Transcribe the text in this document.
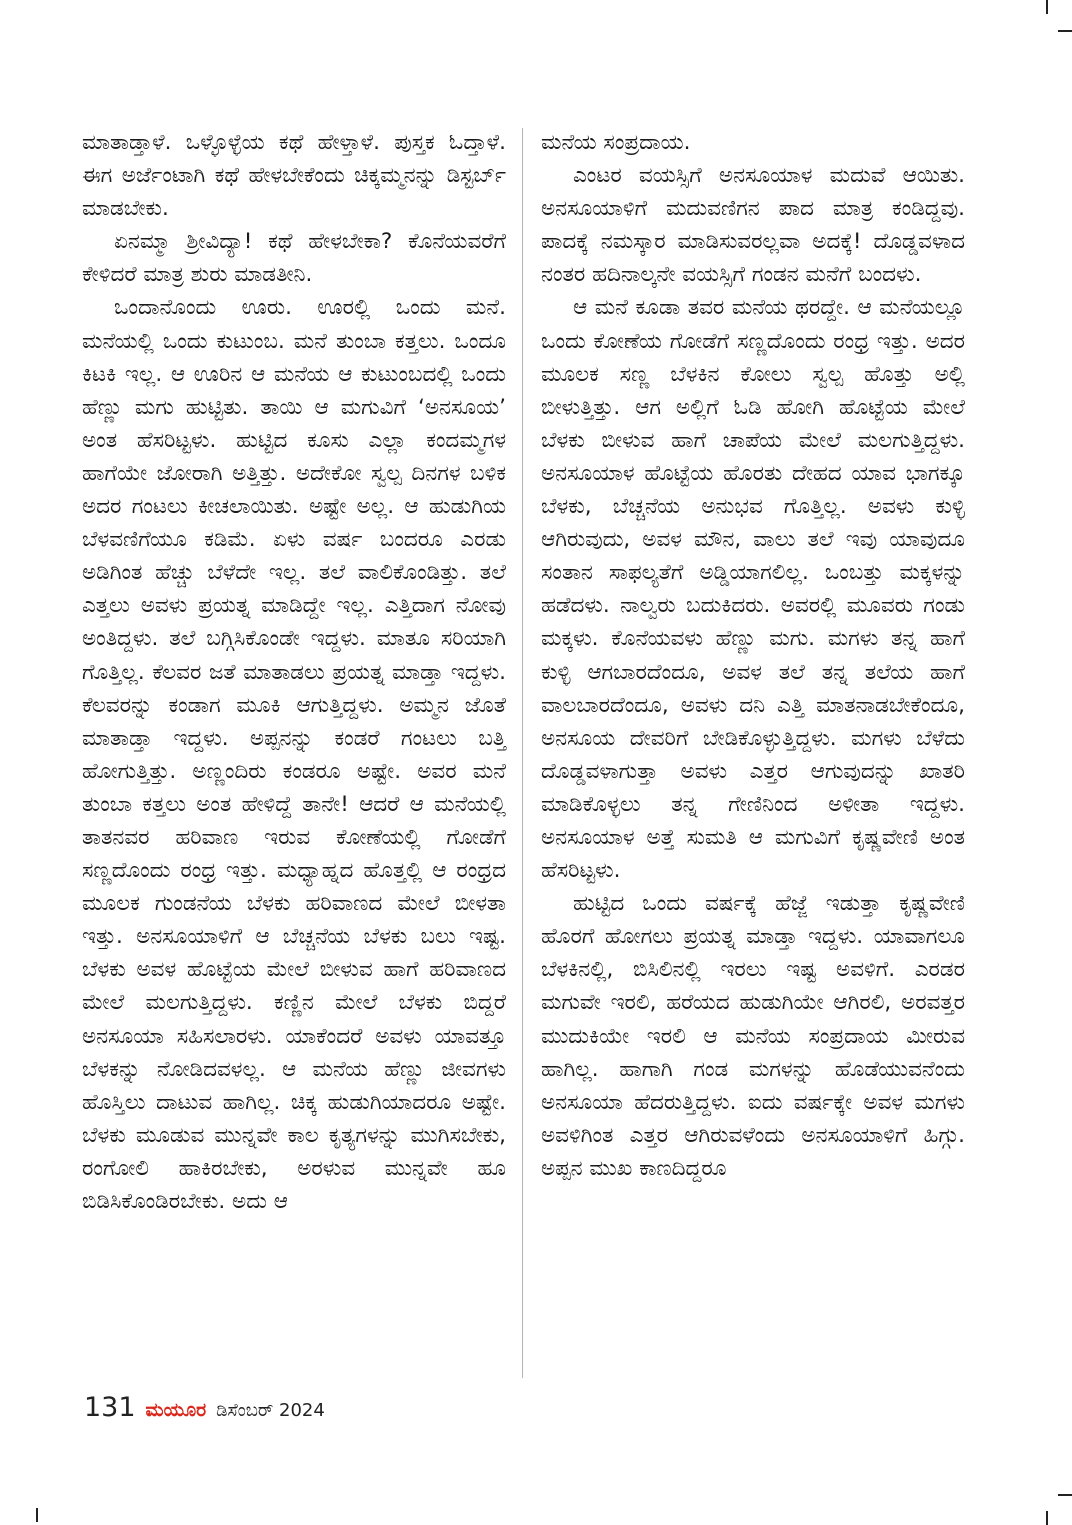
ಮಾತಾಡ್ತಾಳೆ. ಒಳ್ಳೊಳ್ಳೆಯ ಕಥೆ ಹೇಳ್ತಾಳೆ. ಪುಸ್ತಕ ಓದ್ತಾಳೆ. ಈಗ ಅರ್ಜೆಂಟಾಗಿ ಕಥೆ ಹೇಳಬೇಕೆಂದು ಚಿಕ್ಕಮ್ಮನನ್ನು ಡಿಸ್ಟರ್ಬ್ ಮಾಡಬೇಕು.

ಏನಮ್ಮಾ ಶ್ರೀವಿದ್ಯಾ! ಕಥೆ ಹೇಳಬೇಕಾ? ಕೊನೆಯವರೆಗೆ ಕೇಳಿದರೆ ಮಾತ್ರ ಶುರು ಮಾಡತೀನಿ.

ಒಂದಾನೊಂದು ಊರು. ಊರಲ್ಲಿ ಒಂದು ಮನೆ. ಮನೆಯಲ್ಲಿ ಒಂದು ಕುಟುಂಬ. ಮನೆ ತುಂಬಾ ಕತ್ತಲು. ಒಂದೂ ಕಿಟಕಿ ಇಲ್ಲ. ಆ ಊರಿನ ಆ ಮನೆಯ ಆ ಕುಟುಂಬದಲ್ಲಿ ಒಂದು ಹೆಣ್ಣು ಮಗು ಹುಟ್ಟಿತು. ತಾಯಿ ಆ ಮಗುವಿಗೆ ‘ಅನಸೂಯ’ ಅಂತ ಹೆಸರಿಟ್ಟಳು. ಹುಟ್ಟಿದ ಕೂಸು ಎಲ್ಲಾ ಕಂದಮ್ಮಗಳ ಹಾಗೆಯೇ ಜೋರಾಗಿ ಅತ್ತಿತ್ತು. ಅದೇಕೋ ಸ್ವಲ್ಪ ದಿನಗಳ ಬಳಿಕ ಅದರ ಗಂಟಲು ಕೀಚಲಾಯಿತು. ಅಷ್ಟೇ ಅಲ್ಲ. ಆ ಹುಡುಗಿಯ ಬೆಳವಣಿಗೆಯೂ ಕಡಿಮೆ. ಏಳು ವರ್ಷ ಬಂದರೂ ಎರಡು ಅಡಿಗಿಂತ ಹೆಚ್ಚು ಬೆಳೆದೇ ಇಲ್ಲ. ತಲೆ ವಾಲಿಕೊಂಡಿತ್ತು. ತಲೆ ಎತ್ತಲು ಅವಳು ಪ್ರಯತ್ನ ಮಾಡಿದ್ದೇ ಇಲ್ಲ. ಎತ್ತಿದಾಗ ನೋವು ಅಂತಿದ್ದಳು. ತಲೆ ಬಗ್ಗಿಸಿಕೊಂಡೇ ಇದ್ದಳು. ಮಾತೂ ಸರಿಯಾಗಿ ಗೊತ್ತಿಲ್ಲ. ಕೆಲವರ ಜತೆ ಮಾತಾಡಲು ಪ್ರಯತ್ನ ಮಾಡ್ತಾ ಇದ್ದಳು. ಕೆಲವರನ್ನು ಕಂಡಾಗ ಮೂಕಿ ಆಗುತ್ತಿದ್ದಳು. ಅಮ್ಮನ ಜೊತೆ ಮಾತಾಡ್ತಾ ಇದ್ದಳು. ಅಪ್ಪನನ್ನು ಕಂಡರೆ ಗಂಟಲು ಬತ್ತಿ ಹೋಗುತ್ತಿತ್ತು. ಅಣ್ಣಂದಿರು ಕಂಡರೂ ಅಷ್ಟೇ. ಅವರ ಮನೆ ತುಂಬಾ ಕತ್ತಲು ಅಂತ ಹೇಳಿದ್ದೆ ತಾನೇ! ಆದರೆ ಆ ಮನೆಯಲ್ಲಿ ತಾತನವರ ಹರಿವಾಣ ಇರುವ ಕೋಣೆಯಲ್ಲಿ ಗೋಡೆಗೆ ಸಣ್ಣದೊಂದು ರಂಧ್ರ ಇತ್ತು. ಮಧ್ಯಾಹ್ನದ ಹೊತ್ತಲ್ಲಿ ಆ ರಂಧ್ರದ ಮೂಲಕ ಗುಂಡನೆಯ ಬೆಳಕು ಹರಿವಾಣದ ಮೇಲೆ ಬೀಳತಾ ಇತ್ತು. ಅನಸೂಯಾಳಿಗೆ ಆ ಬೆಚ್ಚನೆಯ ಬೆಳಕು ಬಲು ಇಷ್ಟ. ಬೆಳಕು ಅವಳ ಹೊಟ್ಟೆಯ ಮೇಲೆ ಬೀಳುವ ಹಾಗೆ ಹರಿವಾಣದ ಮೇಲೆ ಮಲಗುತ್ತಿದ್ದಳು. ಕಣ್ಣಿನ ಮೇಲೆ ಬೆಳಕು ಬಿದ್ದರೆ ಅನಸೂಯಾ ಸಹಿಸಲಾರಳು. ಯಾಕೆಂದರೆ ಅವಳು ಯಾವತ್ತೂ ಬೆಳಕನ್ನು ನೋಡಿದವಳಲ್ಲ. ಆ ಮನೆಯ ಹೆಣ್ಣು ಜೀವಗಳು ಹೊಸ್ತಿಲು ದಾಟುವ ಹಾಗಿಲ್ಲ. ಚಿಕ್ಕ ಹುಡುಗಿಯಾದರೂ ಅಷ್ಟೇ. ಬೆಳಕು ಮೂಡುವ ಮುನ್ನವೇ ಕಾಲ ಕೃತ್ಯಗಳನ್ನು ಮುಗಿಸಬೇಕು, ರಂಗೋಲಿ ಹಾಕಿರಬೇಕು, ಅರಳುವ ಮುನ್ನವೇ ಹೂ ಬಿಡಿಸಿಕೊಂಡಿರಬೇಕು. ಅದು ಆ

ಮನೆಯ ಸಂಪ್ರದಾಯ.

ಎಂಟರ ವಯಸ್ಸಿಗೆ ಅನಸೂಯಾಳ ಮದುವೆ ಆಯಿತು. ಅನಸೂಯಾಳಿಗೆ ಮದುವಣಿಗನ ಪಾದ ಮಾತ್ರ ಕಂಡಿದ್ದವು. ಪಾದಕ್ಕೆ ನಮಸ್ಕಾರ ಮಾಡಿಸುವರಲ್ಲವಾ ಅದಕ್ಕೆ! ದೊಡ್ಡವಳಾದ ನಂತರ ಹದಿನಾಲ್ಕನೇ ವಯಸ್ಸಿಗೆ ಗಂಡನ ಮನೆಗೆ ಬಂದಳು.

ಆ ಮನೆ ಕೂಡಾ ತವರ ಮನೆಯ ಥರದ್ದೇ. ಆ ಮನೆಯಲ್ಲೂ ಒಂದು ಕೋಣೆಯ ಗೋಡೆಗೆ ಸಣ್ಣದೊಂದು ರಂಧ್ರ ಇತ್ತು. ಅದರ ಮೂಲಕ ಸಣ್ಣ ಬೆಳಕಿನ ಕೋಲು ಸ್ವಲ್ಪ ಹೊತ್ತು ಅಲ್ಲಿ ಬೀಳುತ್ತಿತ್ತು. ಆಗ ಅಲ್ಲಿಗೆ ಓಡಿ ಹೋಗಿ ಹೊಟ್ಟೆಯ ಮೇಲೆ ಬೆಳಕು ಬೀಳುವ ಹಾಗೆ ಚಾಪೆಯ ಮೇಲೆ ಮಲಗುತ್ತಿದ್ದಳು. ಅನಸೂಯಾಳ ಹೊಟ್ಟೆಯ ಹೊರತು ದೇಹದ ಯಾವ ಭಾಗಕ್ಕೂ ಬೆಳಕು, ಬೆಚ್ಚನೆಯ ಅನುಭವ ಗೊತ್ತಿಲ್ಲ. ಅವಳು ಕುಳ್ಳಿ ಆಗಿರುವುದು, ಅವಳ ಮೌನ, ವಾಲು ತಲೆ ಇವು ಯಾವುದೂ ಸಂತಾನ ಸಾಫಲ್ಯತೆಗೆ ಅಡ್ಡಿಯಾಗಲಿಲ್ಲ. ಒಂಬತ್ತು ಮಕ್ಕಳನ್ನು ಹಡೆದಳು. ನಾಲ್ವರು ಬದುಕಿದರು. ಅವರಲ್ಲಿ ಮೂವರು ಗಂಡು ಮಕ್ಕಳು. ಕೊನೆಯವಳು ಹೆಣ್ಣು ಮಗು. ಮಗಳು ತನ್ನ ಹಾಗೆ ಕುಳ್ಳಿ ಆಗಬಾರದೆಂದೂ, ಅವಳ ತಲೆ ತನ್ನ ತಲೆಯ ಹಾಗೆ ವಾಲಬಾರದೆಂದೂ, ಅವಳು ದನಿ ಎತ್ತಿ ಮಾತನಾಡಬೇಕೆಂದೂ, ಅನಸೂಯ ದೇವರಿಗೆ ಬೇಡಿಕೊಳ್ಳುತ್ತಿದ್ದಳು. ಮಗಳು ಬೆಳೆದು ದೊಡ್ಡವಳಾಗುತ್ತಾ ಅವಳು ಎತ್ತರ ಆಗುವುದನ್ನು ಖಾತರಿ ಮಾಡಿಕೊಳ್ಳಲು ತನ್ನ ಗೇಣಿನಿಂದ ಅಳೀತಾ ಇದ್ದಳು. ಅನಸೂಯಾಳ ಅತ್ತೆ ಸುಮತಿ ಆ ಮಗುವಿಗೆ ಕೃಷ್ಣವೇಣಿ ಅಂತ ಹೆಸರಿಟ್ಟಳು.

ಹುಟ್ಟಿದ ಒಂದು ವರ್ಷಕ್ಕೆ ಹೆಜ್ಜೆ ಇಡುತ್ತಾ ಕೃಷ್ಣವೇಣಿ ಹೊರಗೆ ಹೋಗಲು ಪ್ರಯತ್ನ ಮಾಡ್ತಾ ಇದ್ದಳು. ಯಾವಾಗಲೂ ಬೆಳಕಿನಲ್ಲಿ, ಬಿಸಿಲಿನಲ್ಲಿ ಇರಲು ಇಷ್ಟ ಅವಳಿಗೆ. ಎರಡರ ಮಗುವೇ ಇರಲಿ, ಹರೆಯದ ಹುಡುಗಿಯೇ ಆಗಿರಲಿ, ಅರವತ್ತರ ಮುದುಕಿಯೇ ಇರಲಿ ಆ ಮನೆಯ ಸಂಪ್ರದಾಯ ಮೀರುವ ಹಾಗಿಲ್ಲ. ಹಾಗಾಗಿ ಗಂಡ ಮಗಳನ್ನು ಹೊಡೆಯುವನೆಂದು ಅನಸೂಯಾ ಹೆದರುತ್ತಿದ್ದಳು. ಐದು ವರ್ಷಕ್ಕೇ ಅವಳ ಮಗಳು ಅವಳಿಗಿಂತ ಎತ್ತರ ಆಗಿರುವಳೆಂದು ಅನಸೂಯಾಳಿಗೆ ಹಿಗ್ಗು. ಅಪ್ಪನ ಮುಖ ಕಾಣದಿದ್ದರೂ

131 ಮಯೂರ ಡಿಸೆಂಬರ್ 2024
